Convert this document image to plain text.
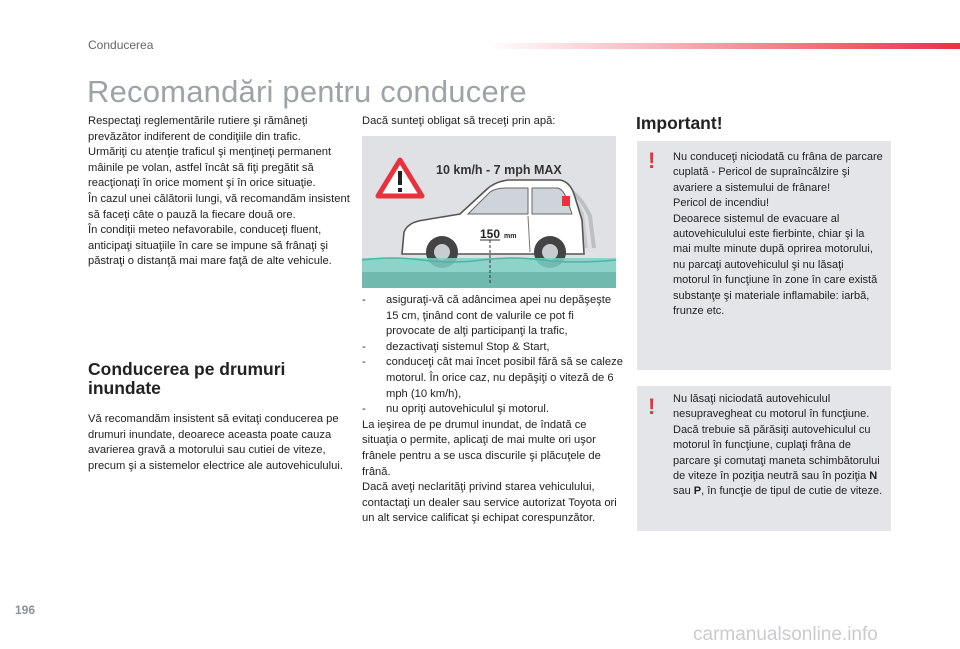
Conducerea
Recomandări pentru conducere
Respectaţi reglementările rutiere şi rămâneţi prevăzător indiferent de condiţiile din trafic.
Urmăriţi cu atenţie traficul şi menţineţi permanent mâinile pe volan, astfel încât să fiţi pregătit să reacţionaţi în orice moment şi în orice situaţie.
În cazul unei călătorii lungi, vă recomandăm insistent să faceţi câte o pauză la fiecare două ore.
În condiţii meteo nefavorabile, conduceţi fluent, anticipaţi situaţiile în care se impune să frânaţi şi păstraţi o distanţă mai mare faţă de alte vehicule.
Conducerea pe drumuri inundate
Vă recomandăm insistent să evitaţi conducerea pe drumuri inundate, deoarece aceasta poate cauza avarierea gravă a motorului sau cutiei de viteze, precum şi a sistemelor electrice ale autovehiculului.
Dacă sunteţi obligat să treceţi prin apă:
10 km/h - 7 mph MAX
150 mm
- asiguraţi-vă că adâncimea apei nu depăşeşte 15 cm, ţinând cont de valurile ce pot fi provocate de alţi participanţi la trafic,
- dezactivaţi sistemul Stop & Start,
- conduceţi cât mai încet posibil fără să se caleze motorul. În orice caz, nu depăşiţi o viteză de 6 mph (10 km/h),
- nu opriţi autovehiculul şi motorul.
La ieşirea de pe drumul inundat, de îndată ce situaţia o permite, aplicaţi de mai multe ori uşor frânele pentru a se usca discurile şi plăcuţele de frână.
Dacă aveţi neclarităţi privind starea vehiculului, contactaţi un dealer sau service autorizat Toyota ori un alt service calificat şi echipat corespunzător.
Important!
! Nu conduceţi niciodată cu frâna de parcare cuplată - Pericol de supraîncălzire şi avariere a sistemului de frânare!
Pericol de incendiu!
Deoarece sistemul de evacuare al autovehiculului este fierbinte, chiar şi la mai multe minute după oprirea motorului, nu parcaţi autovehiculul şi nu lăsaţi motorul în funcţiune în zone în care există substanţe şi materiale inflamabile: iarbă, frunze etc.
! Nu lăsaţi niciodată autovehiculul nesupravegheat cu motorul în funcţiune. Dacă trebuie să părăsiţi autovehiculul cu motorul în funcţiune, cuplaţi frâna de parcare şi comutaţi maneta schimbătorului de viteze în poziţia neutră sau în poziţia N sau P, în funcţie de tipul de cutie de viteze.
196
carmanualsonline.info
